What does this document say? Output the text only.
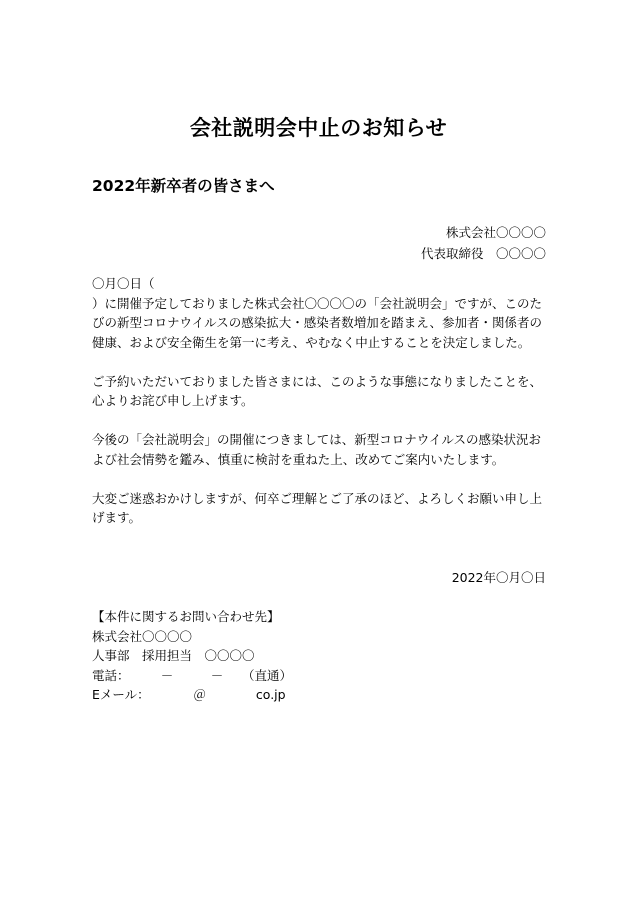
会社説明会中止のお知らせ
2022年新卒者の皆さまへ
株式会社〇〇〇〇
代表取締役　〇〇〇〇

〇月〇日（
）に開催予定しておりました株式会社〇〇〇〇の「会社説明会」ですが、このたびの新型コロナウイルスの感染拡大・感染者数増加を踏まえ、参加者・関係者の健康、および安全衛生を第一に考え、やむなく中止することを決定しました。

ご予約いただいておりました皆さまには、このような事態になりましたことを、心よりお詫び申し上げます。

今後の「会社説明会」の開催につきましては、新型コロナウイルスの感染状況および社会情勢を鑑み、慎重に検討を重ねた上、改めてご案内いたします。

大変ご迷惑おかけしますが、何卒ご理解とご了承のほど、よろしくお願い申し上げます。

2022年〇月〇日
【本件に関するお問い合わせ先】
株式会社〇〇〇〇
人事部　採用担当　〇〇〇〇
電話：　　　－　　　－　　（直通）
Eメール：　　　　＠　　　　co.jp
